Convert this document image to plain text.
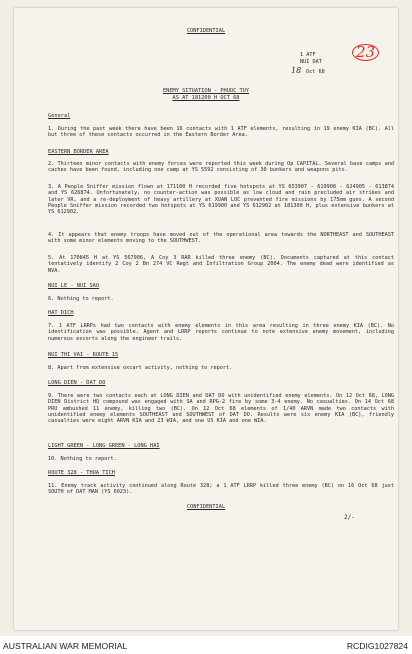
CONFIDENTIAL
1 ATF
NUI DAT
18 Oct 68
23
ENEMY SITUATION - PHUOC TUY
AS AT 181200 H OCT 68
General
1. During the past week there have been 16 contacts with 1 ATF elements, resulting in 19 enemy KIA (BC). All but three of these contacts occurred in the Eastern Border Area.
EASTERN BORDER AREA
2. Thirteen minor contacts with enemy forces were reported this week during Op CAPITAL. Several base camps and caches have been found, including one camp at YS 5592 consisting of 30 bunkers and weapons pits.
3. A People Sniffer mission flown at 171100 H recorded five hotspots at YS 653907 - 619908 - 624905 - 613874 and YS 626874. Unfortunately, no counter-action was possible as low cloud and rain precluded air strikes and later VR, and a re-deployment of heavy artillery at XUAN LOC prevented fire missions by 175mm guns. A second People Sniffer mission recorded two hotspots at YS 619900 and YS 612902 at 181300 H, plus extensive bunkers at YS 612902.
4. It appears that enemy troops have moved out of the operational area towards the NORTHEAST and SOUTHEAST with some minor elements moving to the SOUTHWEST.
5. At 170845 H at YS 567906, A Coy 3 RAR killed three enemy (BC). Documents captured at this contact tentatively identify 2 Coy 2 Bn 274 VC Regt and Infiltration Group 2004. The enemy dead were identified as NVA.
NUI LE - NUI SAO
6. Nothing to report.
HAT DICH
7. 1 ATF LRRPs had two contacts with enemy elements in this area resulting in three enemy KIA (BC). No identification was possible. Agent and LRRP reports continue to note extensive enemy movement, including numerous escorts along the engineer trails.
NUI THI VAI - ROUTE 15
8. Apart from extensive oxcart activity, nothing to report.
LONG DIEN - DAT DO
9. There were two contacts each at LONG DIEN and DAT DO with unidentified enemy elements. On 12 Oct 68, LONG DIEN District HQ compound was engaged with SA and RPG-2 fire by some 3-4 enemy. No casualties. On 14 Oct 68 PRU ambushed 11 enemy, killing two (BC). On 12 Oct 68 elements of 1/40 ARVN made two contacts with unidentified enemy elements SOUTHEAST and SOUTHWEST of DAT DO. Results were six enemy KIA (BC), friendly casualties were eight ARVN KIA and 23 WIA, and one US KIA and one WIA.
LIGHT GREEN - LONG GREEN - LONG HAI
10. Nothing to report.
ROUTE 328 - THUA TICH
11. Enemy track activity continued along Route 328; a 1 ATF LRRP killed three enemy (BC) on 16 Oct 68 just SOUTH of DAT MAN (YS 6023).
CONFIDENTIAL
2/-
AUSTRALIAN WAR MEMORIAL	RCDIG1027824
